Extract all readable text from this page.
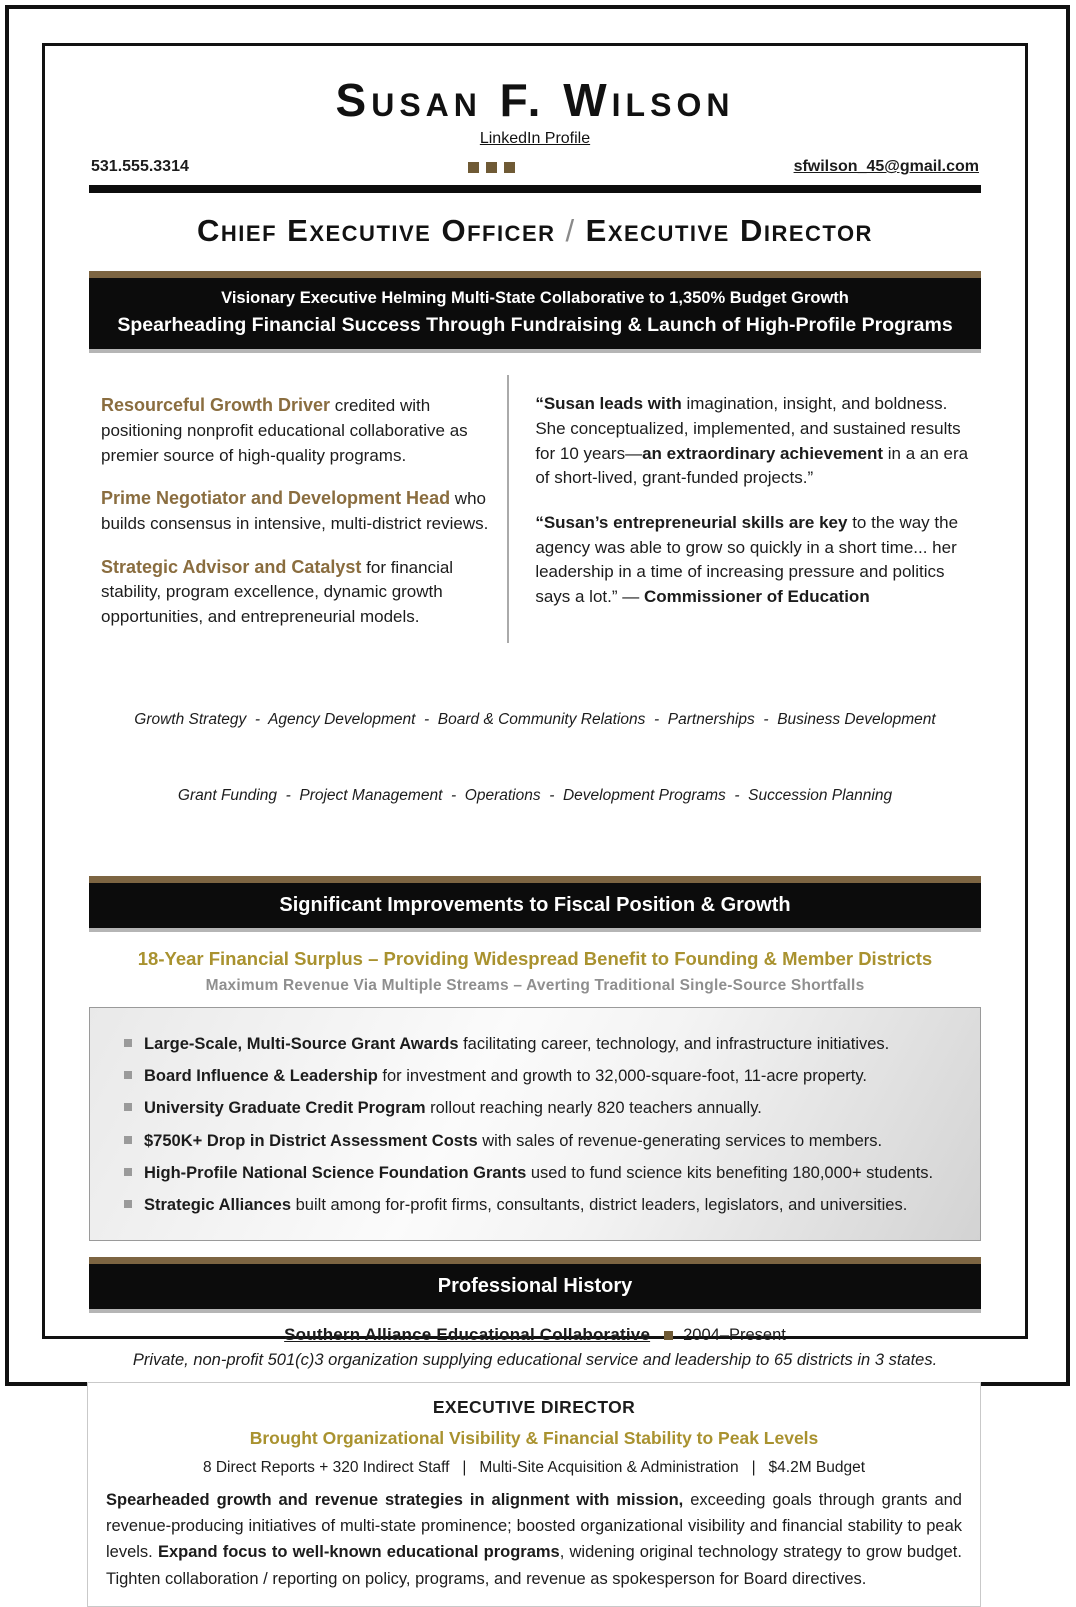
Susan F. Wilson
LinkedIn Profile
531.555.3314	sfwilson_45@gmail.com
Chief Executive Officer / Executive Director
Visionary Executive Helming Multi-State Collaborative to 1,350% Budget Growth
Spearheading Financial Success Through Fundraising & Launch of High-Profile Programs

Resourceful Growth Driver credited with positioning nonprofit educational collaborative as premier source of high-quality programs.

Prime Negotiator and Development Head who builds consensus in intensive, multi-district reviews.

Strategic Advisor and Catalyst for financial stability, program excellence, dynamic growth opportunities, and entrepreneurial models.

“Susan leads with imagination, insight, and boldness. She conceptualized, implemented, and sustained results for 10 years—an extraordinary achievement in a an era of short-lived, grant-funded projects.”

“Susan’s entrepreneurial skills are key to the way the agency was able to grow so quickly in a short time... her leadership in a time of increasing pressure and politics says a lot.” — Commissioner of Education

Growth Strategy  -  Agency Development  -  Board & Community Relations  -  Partnerships  -  Business Development

Grant Funding  -  Project Management  -  Operations  -  Development Programs  -  Succession Planning

Significant Improvements to Fiscal Position & Growth
18-Year Financial Surplus – Providing Widespread Benefit to Founding & Member Districts
Maximum Revenue Via Multiple Streams – Averting Traditional Single-Source Shortfalls
Large-Scale, Multi-Source Grant Awards facilitating career, technology, and infrastructure initiatives.
Board Influence & Leadership for investment and growth to 32,000-square-foot, 11-acre property.
University Graduate Credit Program rollout reaching nearly 820 teachers annually.
$750K+ Drop in District Assessment Costs with sales of revenue-generating services to members.
High-Profile National Science Foundation Grants used to fund science kits benefiting 180,000+ students.
Strategic Alliances built among for-profit firms, consultants, district leaders, legislators, and universities.
Professional History
Southern Alliance Educational Collaborative 2004–Present
Private, non-profit 501(c)3 organization supplying educational service and leadership to 65 districts in 3 states.
EXECUTIVE DIRECTOR
Brought Organizational Visibility & Financial Stability to Peak Levels
8 Direct Reports + 320 Indirect Staff   |   Multi-Site Acquisition & Administration   |   $4.2M Budget
Spearheaded growth and revenue strategies in alignment with mission, exceeding goals through grants and revenue-producing initiatives of multi-state prominence; boosted organizational visibility and financial stability to peak levels. Expand focus to well-known educational programs, widening original technology strategy to grow budget. Tighten collaboration / reporting on policy, programs, and revenue as spokesperson for Board directives.
